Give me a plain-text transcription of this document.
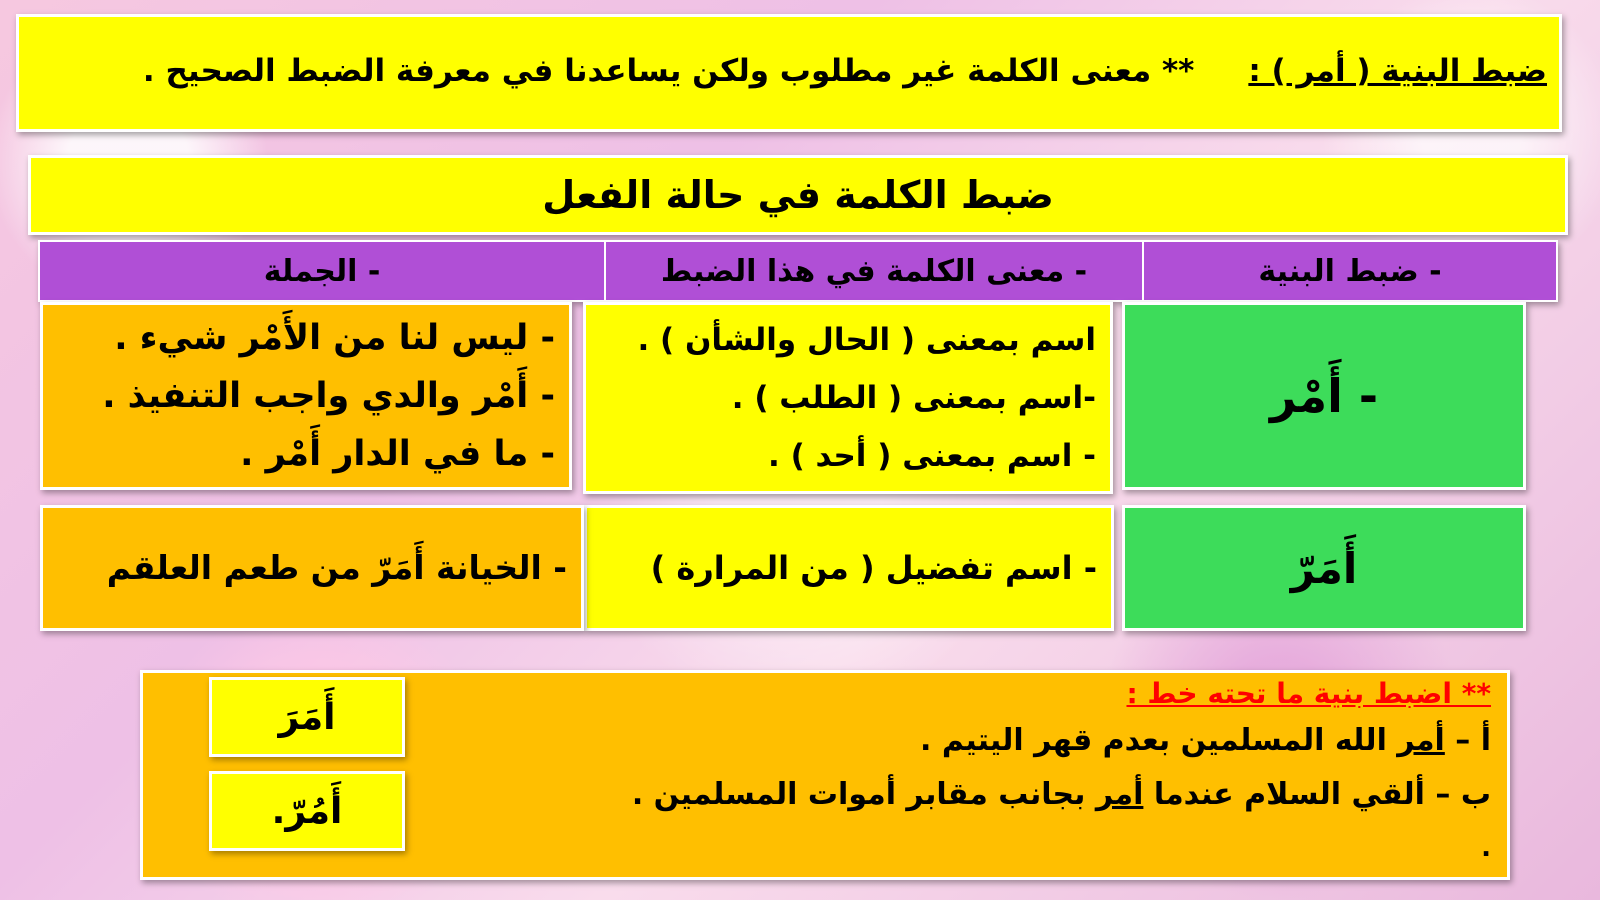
ضبط البنية ( أمر ) :     ** معنى الكلمة غير مطلوب ولكن يساعدنا في معرفة الضبط الصحيح .
ضبط الكلمة في حالة الفعل
- ضبط البنية
- معنى الكلمة في هذا الضبط
- الجملة
- أَمْر
اسم بمعنى ( الحال والشأن ) .
-اسم بمعنى ( الطلب ) .
- اسم بمعنى ( أحد ) .
- ليس لنا من الأَمْر شيء .
- أَمْر والدي واجب التنفيذ .
- ما في الدار أَمْر .
أَمَرّ
- اسم تفضيل ( من المرارة )
- الخيانة أَمَرّ من طعم العلقم
** اضبط بنية ما تحته خط :
أ – أمر الله المسلمين بعدم قهر اليتيم .
ب – ألقي السلام عندما أمر بجانب مقابر أموات المسلمين .
.
أَمَرَ
أَمُرّ.
